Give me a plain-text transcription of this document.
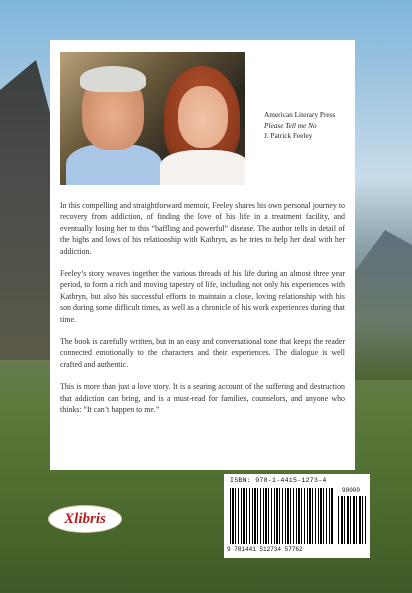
American Literary Press
Please Tell me No
J. Patrick Feeley

In this compelling and straightforward memoir, Feeley shares his own personal journey to recovery from addiction, of finding the love of his life in a treatment facility, and eventually losing her to this “baffling and powerful” disease. The author tells in detail of the highs and lows of his relationship with Kathryn, as he tries to help her deal with her addiction.

Feeley’s story weaves together the various threads of his life during an almost three year period, to form a rich and moving tapestry of life, including not only his experiences with Kathryn, but also his successful efforts to maintain a close, loving relationship with his son during some difficult times, as well as a chronicle of his work experiences during that time.

The book is carefully written, but in an easy and conversational tone that keeps the reader connected emotionally to the characters and their experiences. The dialogue is well crafted and authentic.

This is more than just a love story. It is a searing account of the suffering and destruction that addiction can bring, and is a must-read for families, counselors, and anyone who thinks: “It can’t happen to me.”

ISBN: 978-1-4415-1273-4
90000
9 781441 512734 57762
Xlibris
